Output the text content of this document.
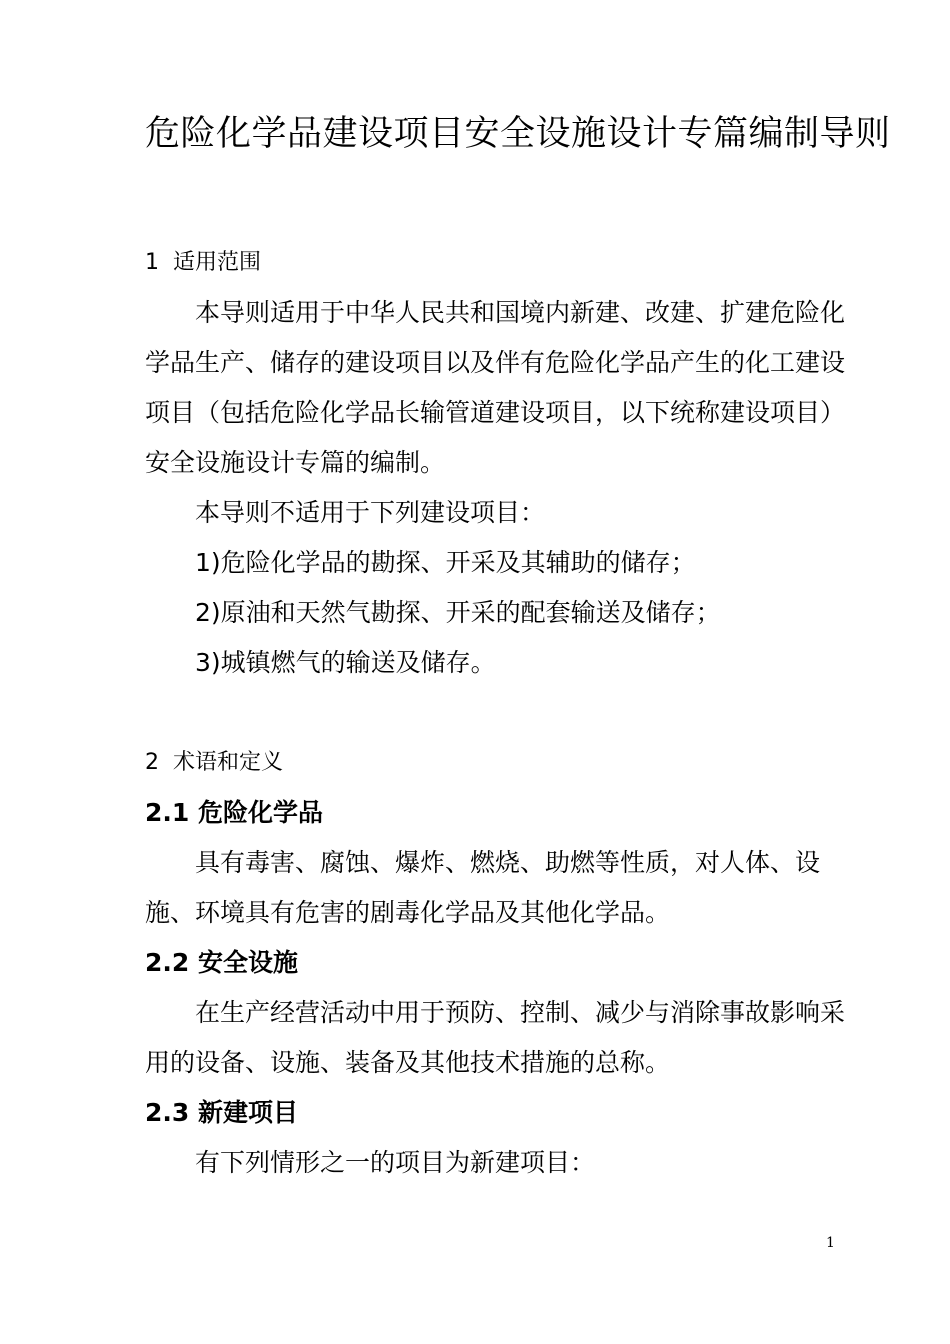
危险化学品建设项目安全设施设计专篇编制导则

1 适用范围

本导则适用于中华人民共和国境内新建、改建、扩建危险化学品生产、储存的建设项目以及伴有危险化学品产生的化工建设项目（包括危险化学品长输管道建设项目，以下统称建设项目）安全设施设计专篇的编制。

本导则不适用于下列建设项目：

1)危险化学品的勘探、开采及其辅助的储存；

2)原油和天然气勘探、开采的配套输送及储存；

3)城镇燃气的输送及储存。

2 术语和定义

2.1 危险化学品

具有毒害、腐蚀、爆炸、燃烧、助燃等性质，对人体、设施、环境具有危害的剧毒化学品及其他化学品。

2.2 安全设施

在生产经营活动中用于预防、控制、减少与消除事故影响采用的设备、设施、装备及其他技术措施的总称。

2.3 新建项目

有下列情形之一的项目为新建项目：

1
